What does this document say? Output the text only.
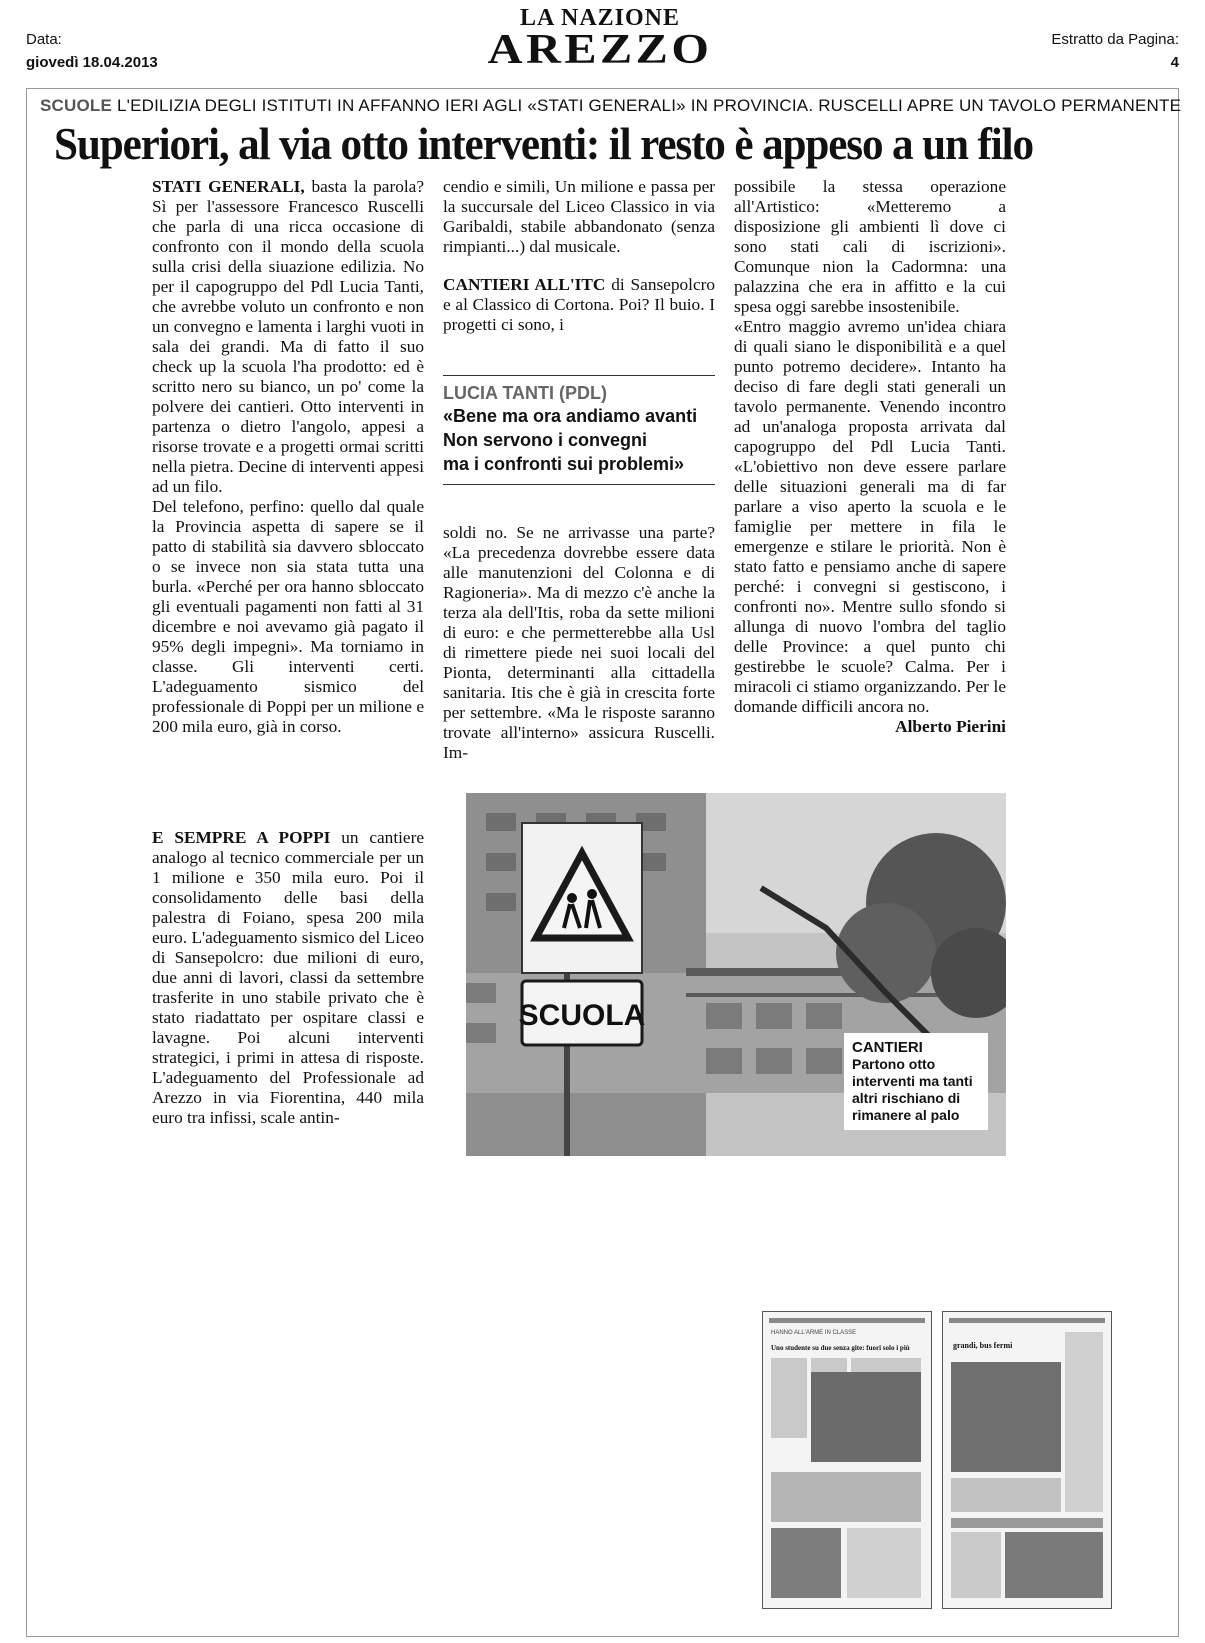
Data:
giovedì 18.04.2013
LA NAZIONE
AREZZO	Estratto da Pagina:
4
SCUOLE L'EDILIZIA DEGLI ISTITUTI IN AFFANNO IERI AGLI «STATI GENERALI» IN PROVINCIA. RUSCELLI APRE UN TAVOLO PERMANENTE
Superiori, al via otto interventi: il resto è appeso a un filo

STATI GENERALI, basta la parola? Sì per l'assessore Francesco Ruscelli che parla di una ricca occasione di confronto con il mondo della scuola sulla crisi della siuazione edilizia. No per il capogruppo del Pdl Lucia Tanti, che avrebbe voluto un confronto e non un convegno e lamenta i larghi vuoti in sala dei grandi. Ma di fatto il suo check up la scuola l'ha prodotto: ed è scritto nero su bianco, un po' come la polvere dei cantieri. Otto interventi in partenza o dietro l'angolo, appesi a risorse trovate e a progetti ormai scritti nella pietra. Decine di interventi appesi ad un filo.

Del telefono, perfino: quello dal quale la Provincia aspetta di sapere se il patto di stabilità sia davvero sbloccato o se invece non sia stata tutta una burla. «Perché per ora hanno sbloccato gli eventuali pagamenti non fatti al 31 dicembre e noi avevamo già pagato il 95% degli impegni». Ma torniamo in classe. Gli interventi certi. L'adeguamento sismico del professionale di Poppi per un milione e 200 mila euro, già in corso.

E SEMPRE A POPPI un cantiere analogo al tecnico commerciale per un 1 milione e 350 mila euro. Poi il consolidamento delle basi della palestra di Foiano, spesa 200 mila euro. L'adeguamento sismico del Liceo di Sansepolcro: due milioni di euro, due anni di lavori, classi da settembre trasferite in uno stabile privato che è stato riadattato per ospitare classi e lavagne. Poi alcuni interventi strategici, i primi in attesa di risposte. L'adeguamento del Professionale ad Arezzo in via Fiorentina, 440 mila euro tra infissi, scale antin-

cendio e simili, Un milione e passa per la succursale del Liceo Classico in via Garibaldi, stabile abbandonato (senza rimpianti...) dal musicale.

CANTIERI ALL'ITC di Sansepolcro e al Classico di Cortona. Poi? Il buio. I progetti ci sono, i

LUCIA TANTI (PDL)
«Bene ma ora andiamo avanti
Non servono i convegni
ma i confronti sui problemi»

soldi no. Se ne arrivasse una parte? «La precedenza dovrebbe essere data alle manutenzioni del Colonna e di Ragioneria». Ma di mezzo c'è anche la terza ala dell'Itis, roba da sette milioni di euro: e che permetterebbe alla Usl di rimettere piede nei suoi locali del Pionta, determinanti alla cittadella sanitaria. Itis che è già in crescita forte per settembre. «Ma le risposte saranno trovate all'interno» assicura Ruscelli. Im-

possibile la stessa operazione all'Artistico: «Metteremo a disposizione gli ambienti lì dove ci sono stati cali di iscrizioni». Comunque nion la Cadormna: una palazzina che era in affitto e la cui spesa oggi sarebbe insostenibile.

«Entro maggio avremo un'idea chiara di quali siano le disponibilità e a quel punto potremo decidere». Intanto ha deciso di fare degli stati generali un tavolo permanente. Venendo incontro ad un'analoga proposta arrivata dal capogruppo del Pdl Lucia Tanti. «L'obiettivo non deve essere parlare delle situazioni generali ma di far parlare a viso aperto la scuola e le famiglie per mettere in fila le emergenze e stilare le priorità. Non è stato fatto e pensiamo anche di sapere perché: i convegni si gestiscono, i confronti no». Mentre sullo sfondo si allunga di nuovo l'ombra del taglio delle Province: a quel punto chi gestirebbe le scuole? Calma. Per i miracoli ci stiamo organizzando. Per le domande difficili ancora no.

Alberto Pierini

SCUOLA
CANTIERI
Partono otto interventi ma tanti altri rischiano di rimanere al palo
HANNO ALL'ARME IN CLASSE
Uno studente su due senza gite: fuori solo i più	grandi, bus fermi
